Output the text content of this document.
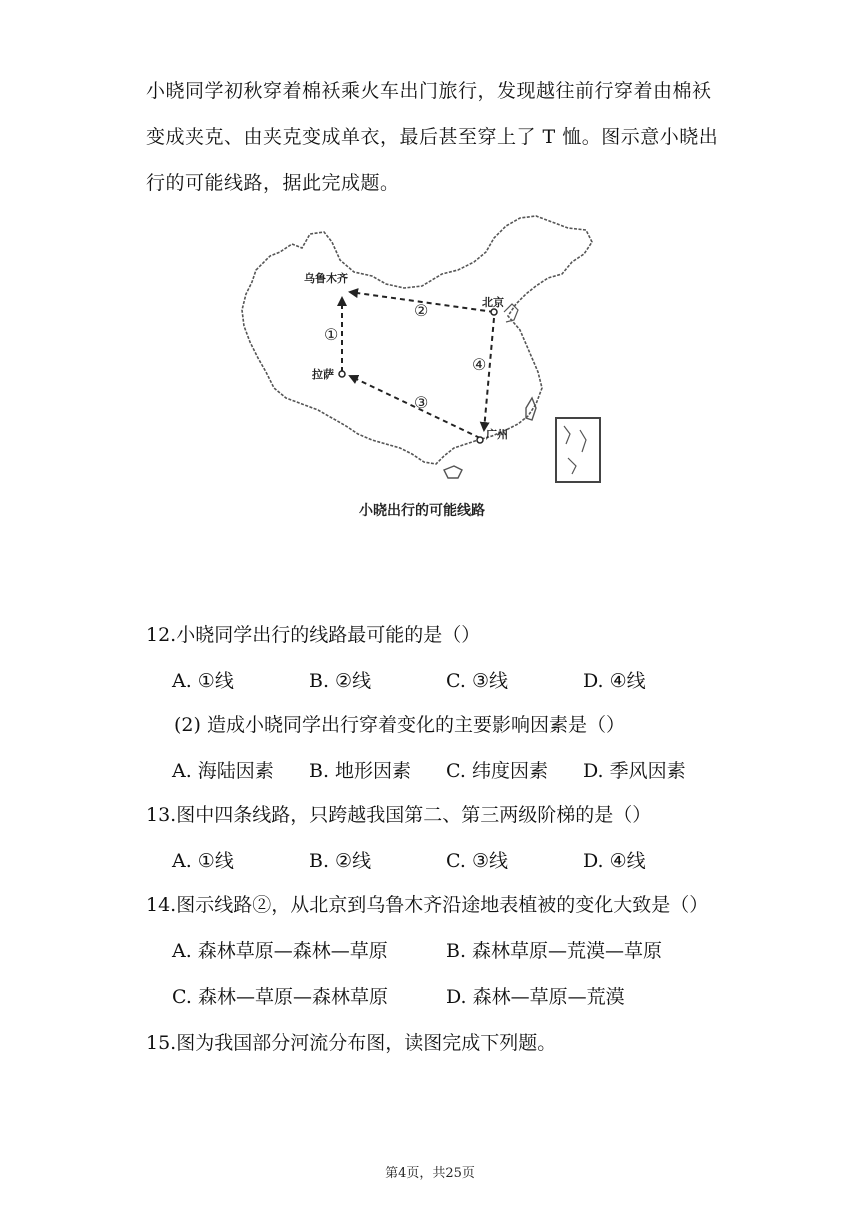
小晓同学初秋穿着棉袄乘火车出门旅行，发现越往前行穿着由棉袄变成夹克、由夹克变成单衣，最后甚至穿上了 T 恤。图示意小晓出行的可能线路，据此完成题。
乌鲁木齐
北京
拉萨
广州
①
②
③
④
小晓出行的可能线路
12.小晓同学出行的线路最可能的是（）
A. ①线	B. ②线	C. ③线	D. ④线
(2) 造成小晓同学出行穿着变化的主要影响因素是（）
A. 海陆因素 B. 地形因素 C. 纬度因素 D. 季风因素
13.图中四条线路，只跨越我国第二、第三两级阶梯的是（）
A. ①线	B. ②线	C. ③线	D. ④线
14.图示线路②，从北京到乌鲁木齐沿途地表植被的变化大致是（）
A. 森林草原—森林—草原	B. 森林草原—荒漠—草原
C. 森林—草原—森林草原	D. 森林—草原—荒漠
15.图为我国部分河流分布图，读图完成下列题。
第4页，共25页
